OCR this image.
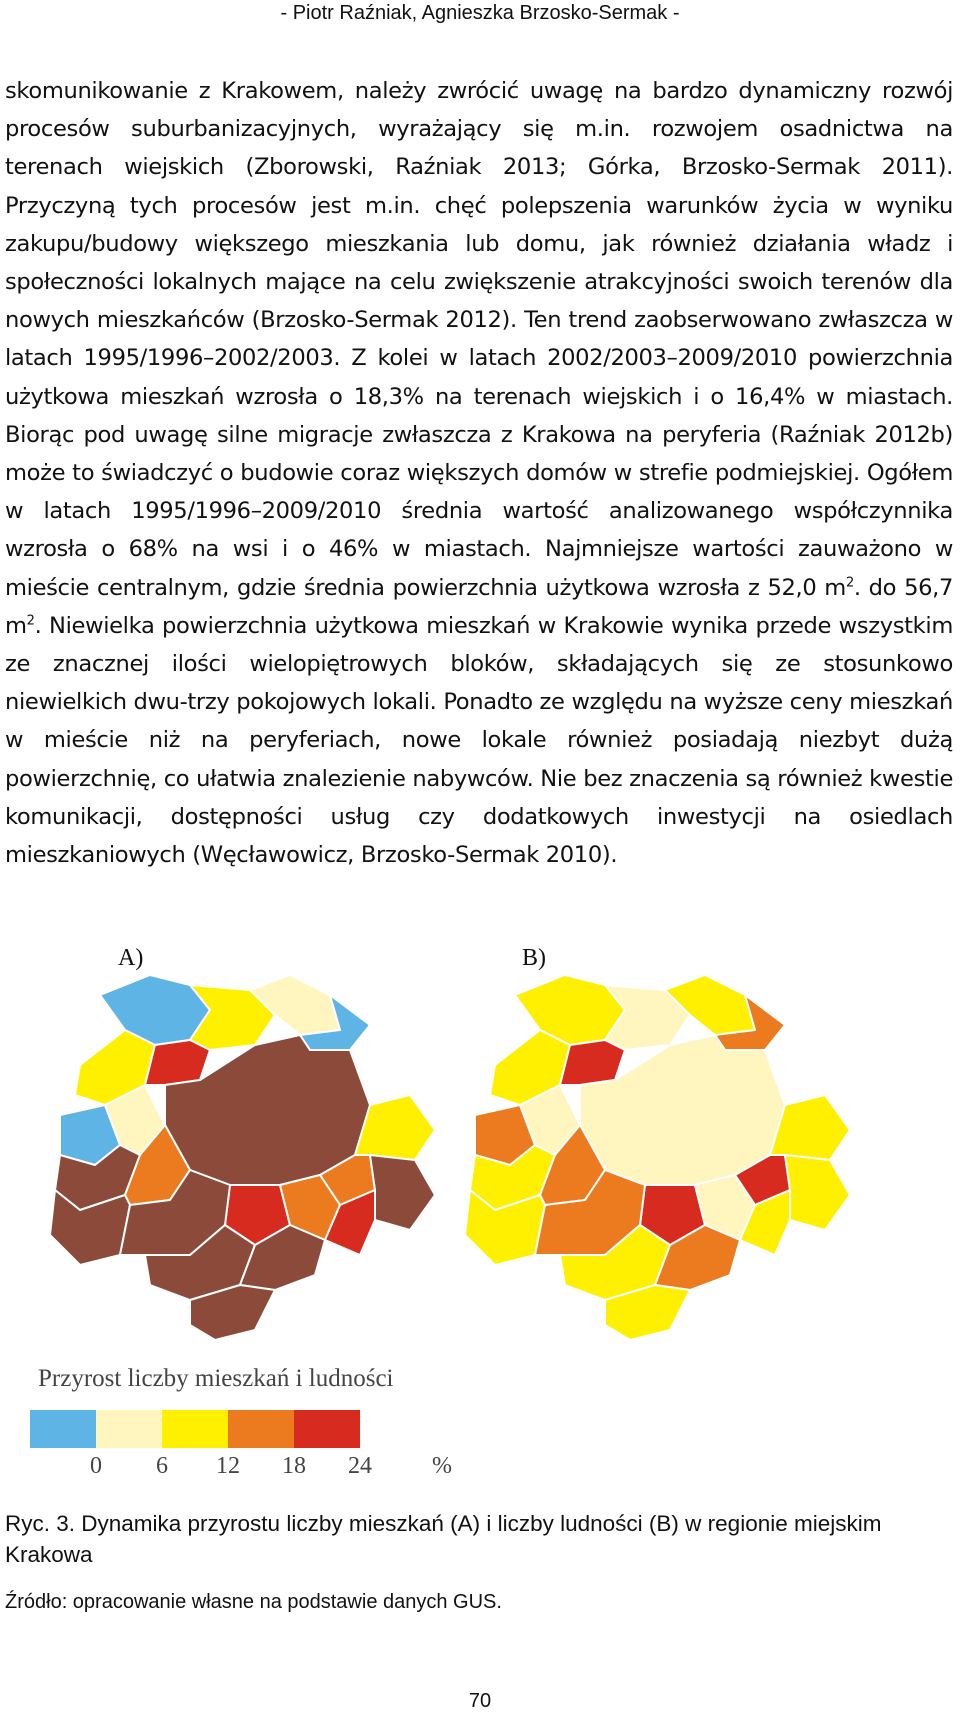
- Piotr Raźniak, Agnieszka Brzosko-Sermak -

skomunikowanie z Krakowem, należy zwrócić uwagę na bardzo dynamiczny rozwój procesów suburbanizacyjnych, wyrażający się m.in. rozwojem osadnictwa na terenach wiejskich (Zborowski, Raźniak 2013; Górka, Brzosko-Sermak 2011). Przyczyną tych procesów jest m.in. chęć polepszenia warunków życia w wyniku zakupu/budowy większego mieszkania lub domu, jak również działania władz i społeczności lokalnych mające na celu zwiększenie atrakcyjności swoich terenów dla nowych mieszkańców (Brzosko-Sermak 2012). Ten trend zaobserwowano zwłaszcza w latach 1995/1996–2002/2003. Z kolei w latach 2002/2003–2009/2010 powierzchnia użytkowa mieszkań wzrosła o 18,3% na terenach wiejskich i o 16,4% w miastach. Biorąc pod uwagę silne migracje zwłaszcza z Krakowa na peryferia (Raźniak 2012b) może to świadczyć o budowie coraz większych domów w strefie podmiejskiej. Ogółem w latach 1995/1996–2009/2010 średnia wartość analizowanego współczynnika wzrosła o 68% na wsi i o 46% w miastach. Najmniejsze wartości zauważono w mieście centralnym, gdzie średnia powierzchnia użytkowa wzrosła z 52,0 $m^2$. do 56,7 $m^2$. Niewielka powierzchnia użytkowa mieszkań w Krakowie wynika przede wszystkim ze znacznej ilości wielopiętrowych bloków, składających się ze stosunkowo niewielkich dwu-trzy pokojowych lokali. Ponadto ze względu na wyższe ceny mieszkań w mieście niż na peryferiach, nowe lokale również posiadają niezbyt dużą powierzchnię, co ułatwia znalezienie nabywców. Nie bez znaczenia są również kwestie komunikacji, dostępności usług czy dodatkowych inwestycji na osiedlach mieszkaniowych (Węcławowicz, Brzosko-Sermak 2010).

A)	B)
Przyrost liczby mieszkań i ludności
0 6 12 18 24	%

Ryc. 3. Dynamika przyrostu liczby mieszkań (A) i liczby ludności (B) w regionie miejskim Krakowa

Źródło: opracowanie własne na podstawie danych GUS.

70
